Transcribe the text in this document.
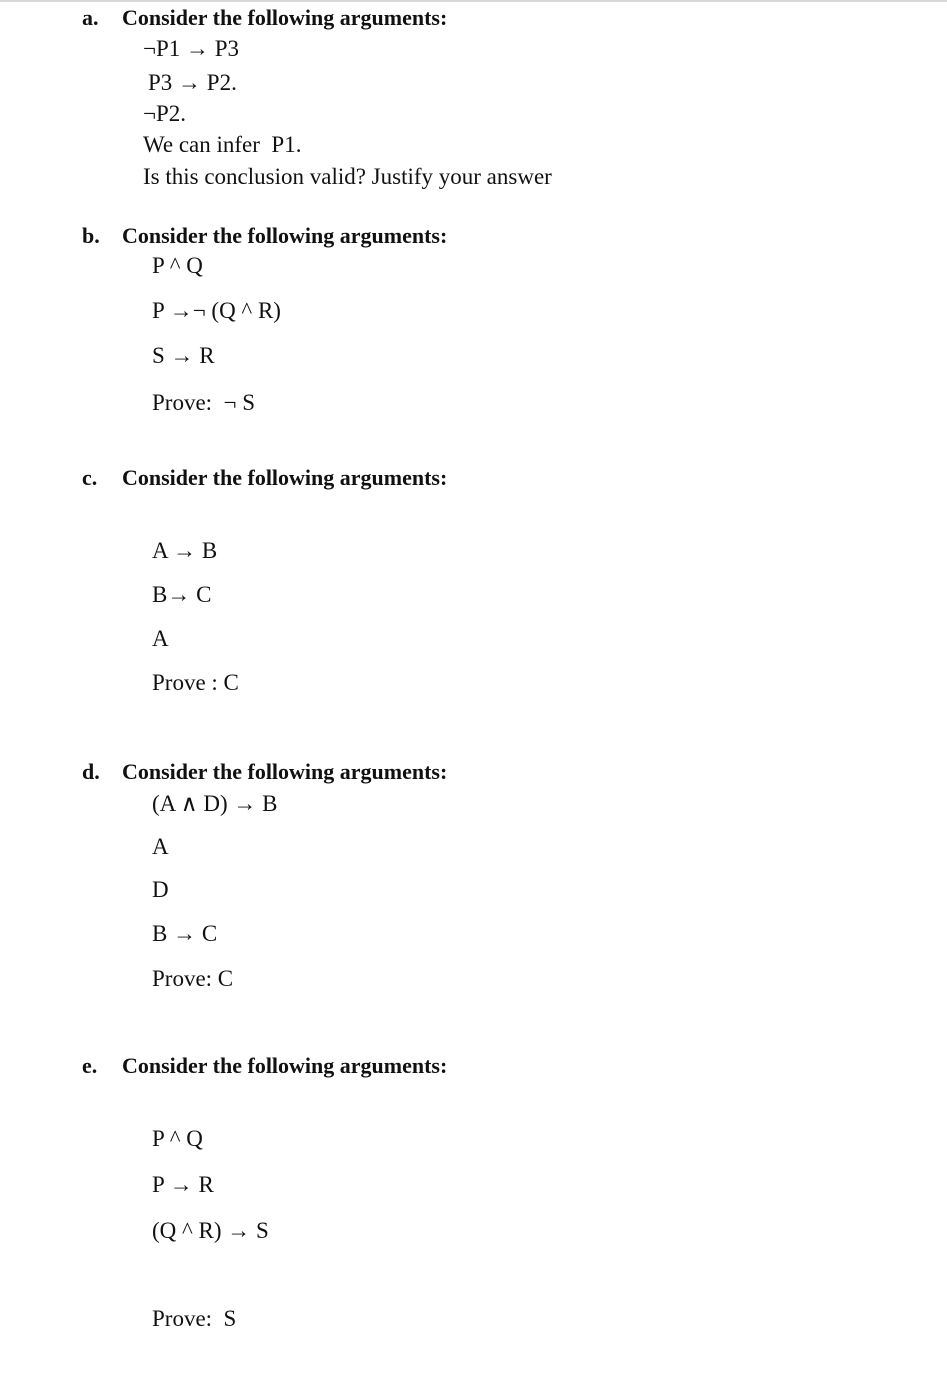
a. Consider the following arguments:
¬P1 → P3
P3 → P2.
¬P2.
We can infer  P1.
Is this conclusion valid? Justify your answer
b. Consider the following arguments:
P ^ Q
P →¬ (Q ^ R)
S → R
Prove:  ¬ S
c. Consider the following arguments:
A → B
B→ C
A
Prove : C
d. Consider the following arguments:
(A ∧ D) → B
A
D
B → C
Prove: C
e. Consider the following arguments:
P ^ Q
P → R
(Q ^ R) → S
Prove:  S
